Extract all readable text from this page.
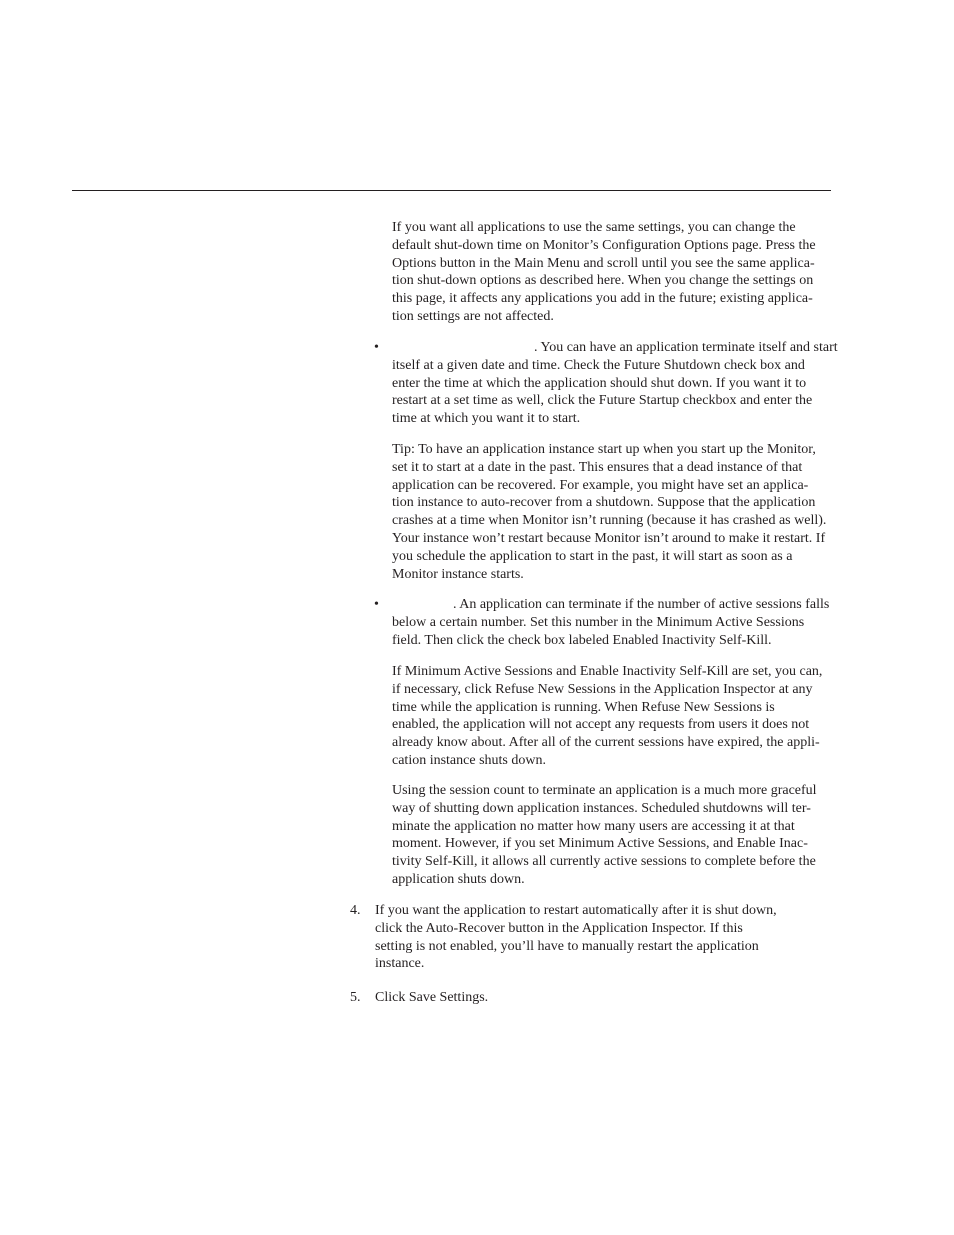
If you want all applications to use the same settings, you can change the
default shut-down time on Monitor’s Configuration Options page. Press the
Options button in the Main Menu and scroll until you see the same applica-
tion shut-down options as described here. When you change the settings on
this page, it affects any applications you add in the future; existing applica-
tion settings are not affected.

•	. You can have an application terminate itself and start
itself at a given date and time. Check the Future Shutdown check box and
enter the time at which the application should shut down. If you want it to
restart at a set time as well, click the Future Startup checkbox and enter the
time at which you want it to start.

Tip: To have an application instance start up when you start up the Monitor,
set it to start at a date in the past. This ensures that a dead instance of that
application can be recovered. For example, you might have set an applica-
tion instance to auto-recover from a shutdown. Suppose that the application
crashes at a time when Monitor isn’t running (because it has crashed as well).
Your instance won’t restart because Monitor isn’t around to make it restart. If
you schedule the application to start in the past, it will start as soon as a
Monitor instance starts.

•	. An application can terminate if the number of active sessions falls
below a certain number. Set this number in the Minimum Active Sessions
field. Then click the check box labeled Enabled Inactivity Self-Kill.

If Minimum Active Sessions and Enable Inactivity Self-Kill are set, you can,
if necessary, click Refuse New Sessions in the Application Inspector at any
time while the application is running. When Refuse New Sessions is
enabled, the application will not accept any requests from users it does not
already know about. After all of the current sessions have expired, the appli-
cation instance shuts down.

Using the session count to terminate an application is a much more graceful
way of shutting down application instances. Scheduled shutdowns will ter-
minate the application no matter how many users are accessing it at that
moment. However, if you set Minimum Active Sessions, and Enable Inac-
tivity Self-Kill, it allows all currently active sessions to complete before the
application shuts down.

4. If you want the application to restart automatically after it is shut down,
click the Auto-Recover button in the Application Inspector. If this
setting is not enabled, you’ll have to manually restart the application
instance.

5. Click Save Settings.
